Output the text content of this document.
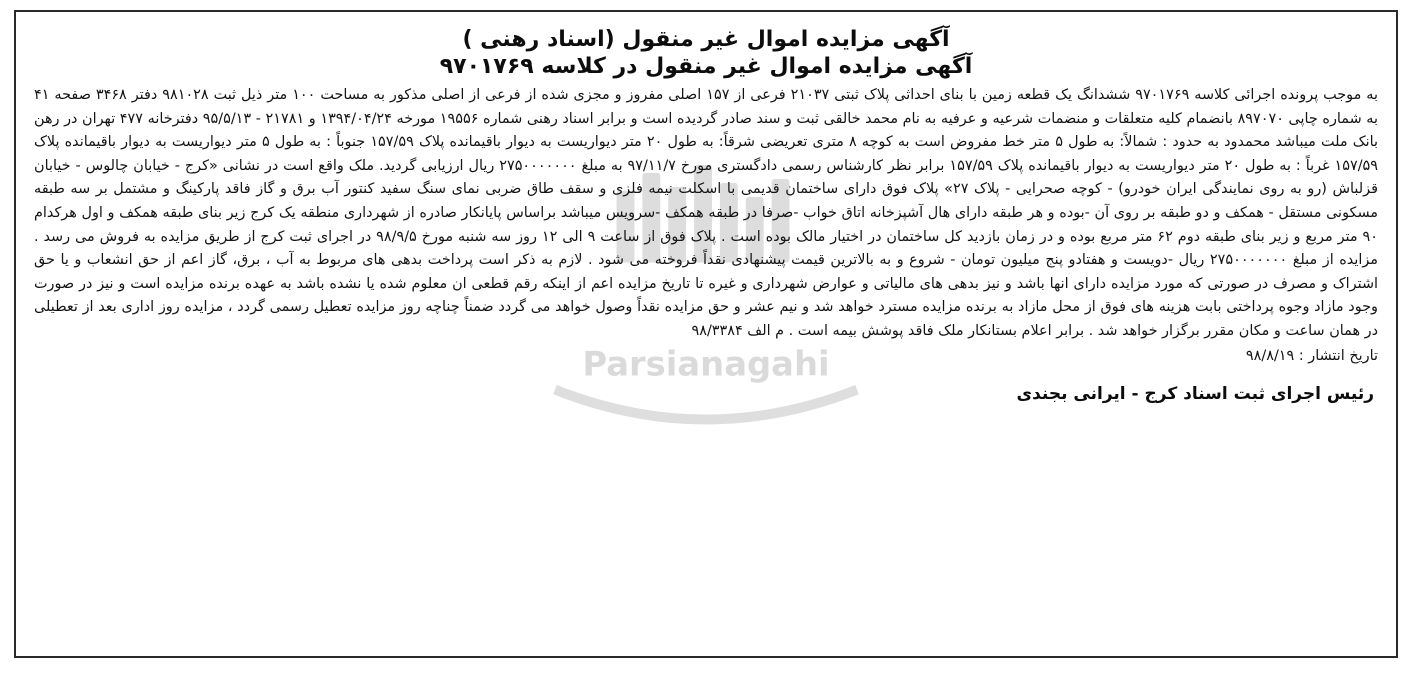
Parsianagahi
آگهی مزایده اموال غیر منقول (اسناد رهنی )
آگهی مزایده اموال غیر منقول در کلاسه ۹۷۰۱۷۶۹
به موجب پرونده اجرائی کلاسه ۹۷۰۱۷۶۹ ششدانگ یک قطعه زمین با بنای احداثی پلاک ثبتی ۲۱۰۳۷ فرعی از ۱۵۷ اصلی مفروز و مجزی شده از فرعی از اصلی مذکور به مساحت ۱۰۰ متر ذیل ثبت ۹۸۱۰۲۸ دفتر ۳۴۶۸ صفحه ۴۱ به شماره چاپی ۸۹۷۰۷۰ بانضمام کلیه متعلقات و منضمات شرعیه و عرفیه به نام محمد خالقی ثبت و سند صادر گردیده است و برابر اسناد رهنی شماره ۱۹۵۵۶ مورخه ۱۳۹۴/۰۴/۲۴ و ۲۱۷۸۱ - ۹۵/۵/۱۳ دفترخانه ۴۷۷ تهران در رهن بانک ملت میباشد محمدود به حدود : شمالاً: به طول ۵ متر خط مفروض است به کوچه ۸ متری تعریضی شرقاً: به طول ۲۰ متر دیواریست به دیوار باقیمانده پلاک ۱۵۷/۵۹ جنوباً : به طول ۵ متر دیواریست به دیوار باقیمانده پلاک ۱۵۷/۵۹ غرباً : به طول ۲۰ متر دیواریست به دیوار باقیمانده پلاک ۱۵۷/۵۹ برابر نظر کارشناس رسمی دادگستری مورخ ۹۷/۱۱/۷ به مبلغ ۲۷۵۰۰۰۰۰۰۰ ریال ارزیابی گردید. ملک واقع است در نشانی «کرج - خیابان چالوس - خیابان قزلباش (رو به روی نمایندگی ایران خودرو) - کوچه صحرایی - پلاک ۲۷» پلاک فوق دارای ساختمان قدیمی با اسکلت نیمه فلزی و سقف طاق ضربی نمای سنگ سفید کنتور آب برق و گاز فاقد پارکینگ و مشتمل بر سه طبقه مسکونی مستقل - همکف و دو طبقه بر روی آن -بوده و هر طبقه دارای هال آشپزخانه اتاق خواب -صرفا در طبقه همکف -سرویس میباشد براساس پایانکار صادره از شهرداری منطقه یک کرج زیر بنای طبقه همکف و اول هرکدام ۹۰ متر مربع و زیر بنای طبقه دوم ۶۲ متر مربع بوده و در زمان بازدید کل ساختمان در اختیار مالک بوده است . پلاک فوق از ساعت ۹ الی ۱۲ روز سه شنبه مورخ ۹۸/۹/۵ در اجرای ثبت کرج از طریق مزایده به فروش می رسد . مزایده از مبلغ ۲۷۵۰۰۰۰۰۰۰ ریال -دویست و هفتادو پنج میلیون تومان - شروع و به بالاترین قیمت پیشنهادی نقداً فروخته می شود . لازم به ذکر است پرداخت بدهی های مربوط به آب ، برق، گاز اعم از حق انشعاب و یا حق اشتراک و مصرف در صورتی که مورد مزایده دارای انها باشد و نیز بدهی های مالیاتی و عوارض شهرداری و غیره تا تاریخ مزایده اعم از اینکه رقم قطعی ان معلوم شده یا نشده باشد به عهده برنده مزایده است و نیز در صورت وجود مازاد وجوه پرداختی بابت هزینه های فوق از محل مازاد به برنده مزایده مسترد خواهد شد و نیم عشر و حق مزایده نقداً وصول خواهد می گردد ضمناً چناچه روز مزایده تعطیل رسمی گردد ، مزایده روز اداری بعد از تعطیلی در همان ساعت و مکان مقرر برگزار خواهد شد . برابر اعلام بستانکار ملک فاقد پوشش بیمه است . م الف ۹۸/۳۳۸۴
تاریخ انتشار : ۹۸/۸/۱۹
رئیس اجرای ثبت اسناد کرج - ایرانی بجندی
